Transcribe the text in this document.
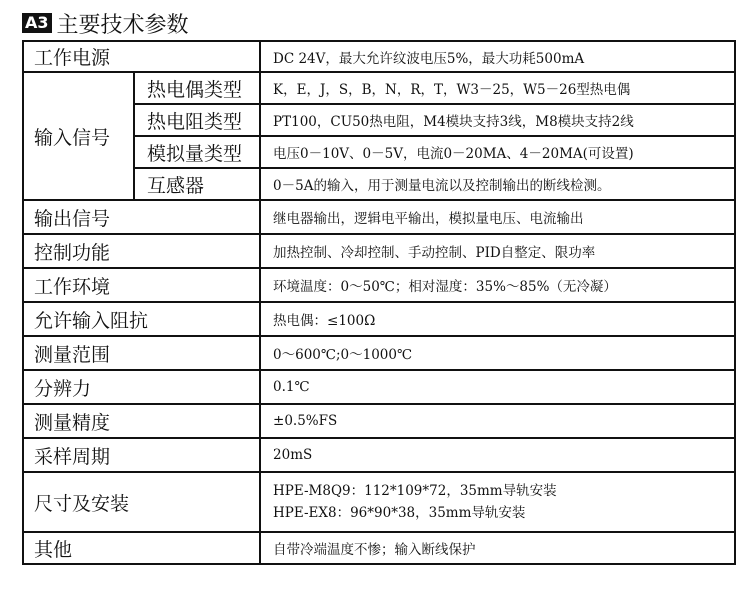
A3 主要技术参数
工作电源		DC 24V，最大允许纹波电压5%，最大功耗500mA
输入信号	热电偶类型	K，E，J，S，B，N，R，T，W3－25，W5－26型热电偶
	热电阻类型	PT100，CU50热电阻，M4模块支持3线，M8模块支持2线
	模拟量类型	电压0－10V、0－5V，电流0－20MA、4－20MA(可设置)
	互感器	0－5A的输入，用于测量电流以及控制输出的断线检测。
输出信号		继电器输出，逻辑电平输出，模拟量电压、电流输出
控制功能		加热控制、冷却控制、手动控制、PID自整定、限功率
工作环境		环境温度：0～50℃；相对湿度：35%～85%（无冷凝）
允许输入阻抗		热电偶：≤100Ω
测量范围		0～600℃;0～1000℃
分辨力		0.1℃
测量精度		±0.5%FS
采样周期		20mS
尺寸及安装		HPE-M8Q9：112*109*72，35mm导轨安装
HPE-EX8：96*90*38，35mm导轨安装

其他		自带冷端温度不惨；输入断线保护
